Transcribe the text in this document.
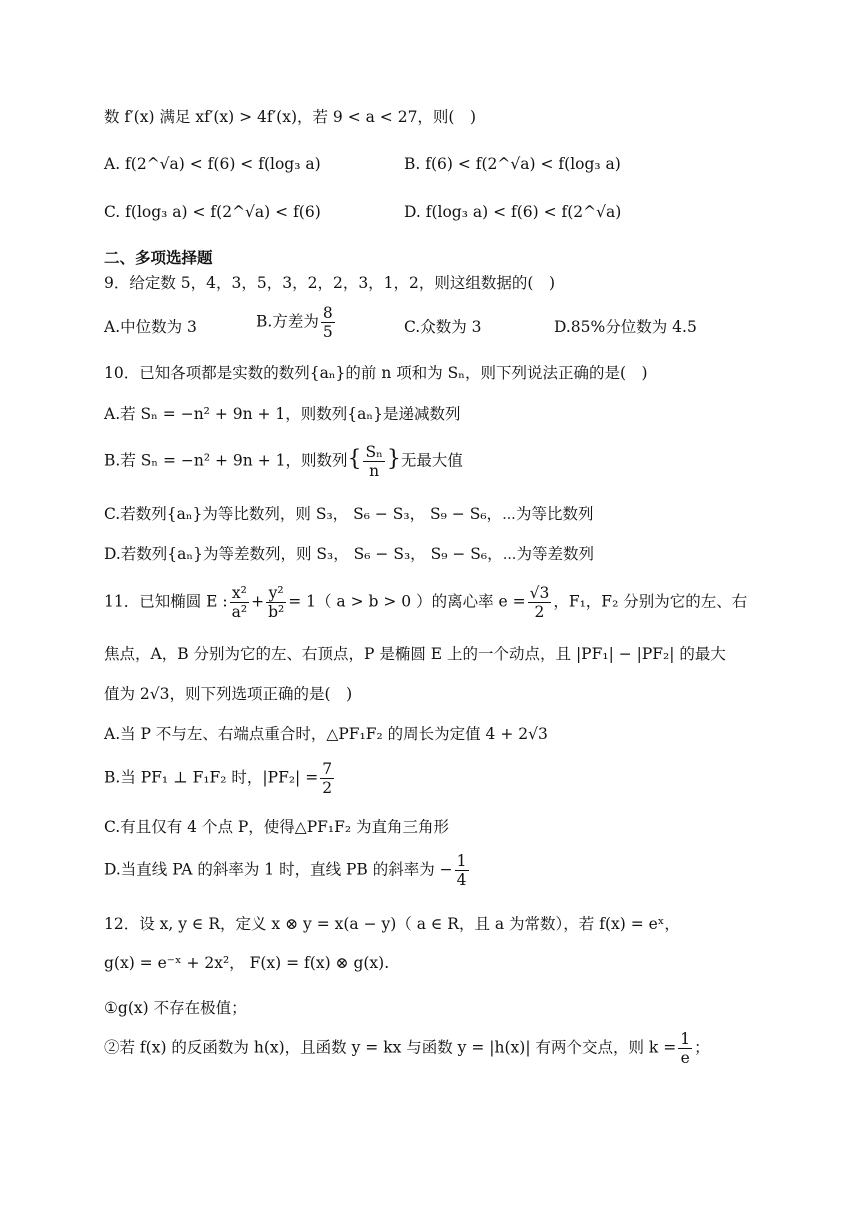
数 f′(x) 满足 xf′(x) > 4f′(x)，若 9 < a < 27，则(　)
A. f(2^√a) < f(6) < f(log₃ a)	B. f(6) < f(2^√a) < f(log₃ a)
C. f(log₃ a) < f(2^√a) < f(6)	D. f(log₃ a) < f(6) < f(2^√a)
二、多项选择题
9．给定数 5，4，3，5，3，2，2，3，1，2，则这组数据的(　)
A.中位数为 3	B.方差为 $\frac{8}{5}$	C.众数为 3	D.85%分位数为 4.5
10．已知各项都是实数的数列{aₙ}的前 n 项和为 Sₙ，则下列说法正确的是(　)
A.若 Sₙ = −n² + 9n + 1，则数列{aₙ}是递减数列
B.若 Sₙ = −n² + 9n + 1，则数列{ $\frac{\text{Sₙ}}{n}$ }无最大值
C.若数列{aₙ}为等比数列，则 S₃， S₆ − S₃， S₉ − S₆，⋯为等比数列
D.若数列{aₙ}为等差数列，则 S₃， S₆ − S₃， S₉ − S₆，⋯为等差数列
11．已知椭圆 E : $\frac{\text{x²}}{\text{a²}} + \frac{\text{y²}}{\text{b²}} = 1$（ a > b > 0 ）的离心率 $e = \frac{√3}{2}$ ，F₁，F₂ 分别为它的左、右
焦点，A，B 分别为它的左、右顶点，P 是椭圆 E 上的一个动点，且 |PF₁| − |PF₂| 的最大
值为 2√3，则下列选项正确的是(　)
A.当 P 不与左、右端点重合时，△PF₁F₂ 的周长为定值 4 + 2√3
B.当 PF₁ ⊥ F₁F₂ 时，$|PF_2| = \frac{7}{2}$
C.有且仅有 4 个点 P，使得△PF₁F₂ 为直角三角形
D.当直线 PA 的斜率为 1 时，直线 PB 的斜率为 − $\frac{1}{4}$
12．设 x, y ∈ R，定义 x ⊗ y = x(a − y)（ a ∈ R，且 a 为常数），若 f(x) = eˣ，
g(x) = e⁻ˣ + 2x²， F(x) = f(x) ⊗ g(x).
①g(x) 不存在极值；
②若 f(x) 的反函数为 h(x)，且函数 y = kx 与函数 y = |h(x)| 有两个交点，则 $k = \frac{1}{e}$ ；
